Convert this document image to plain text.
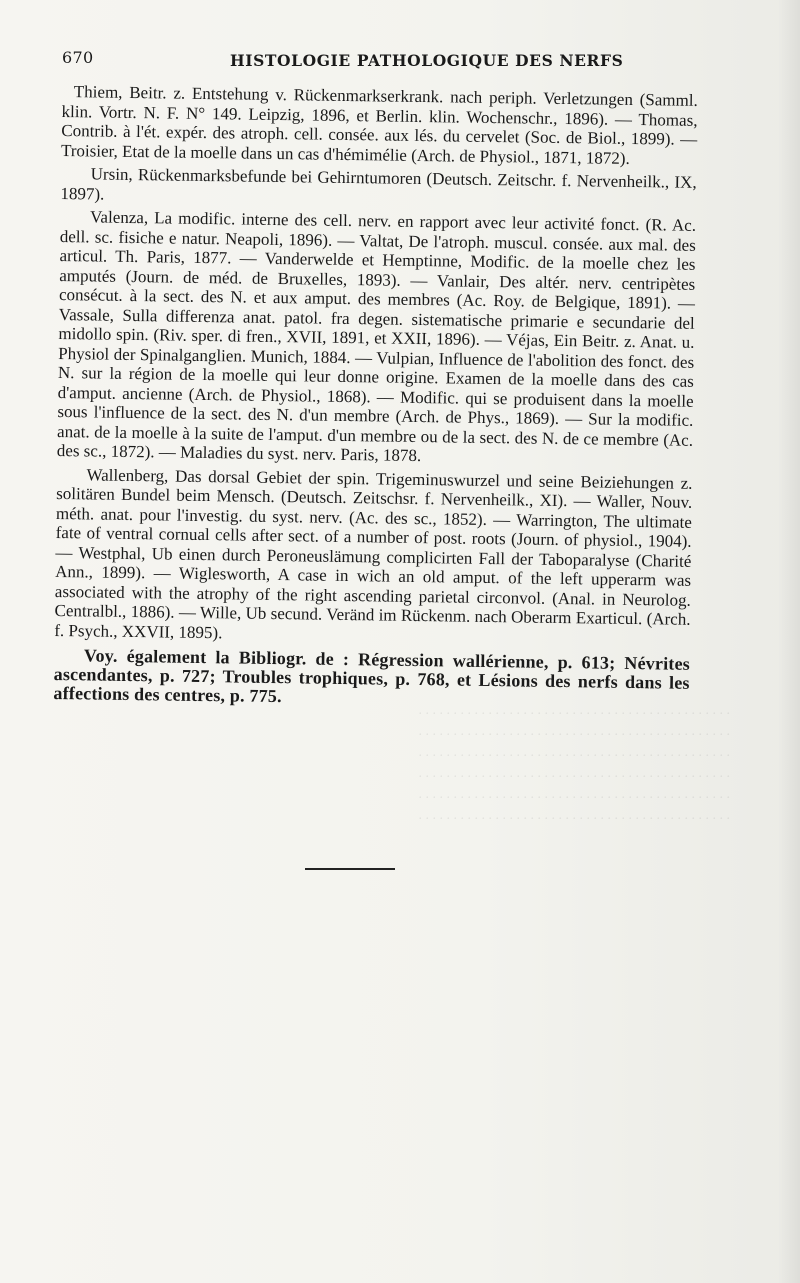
. . . . . . . . . . . . . . . . . . . . . . . . . . . . . . . . . . . . . . . . . . . . .
. . . . . . . . . . . . . . . . . . . . . . . . . . . . . . . . . . . . . . . . . . . . .
. . . . . . . . . . . . . . . . . . . . . . . . . . . . . . . . . . . . . . . . . . . . .
. . . . . . . . . . . . . . . . . . . . . . . . . . . . . . . . . . . . . . . . . . . . .
. . . . . . . . . . . . . . . . . . . . . . . . . . . . . . . . . . . . . . . . . . . . .
. . . . . . . . . . . . . . . . . . . . . . . . . . . . . . . . . . . . . . . . . . . . .
670	HISTOLOGIE PATHOLOGIQUE DES NERFS

Thiem, Beitr. z. Entstehung v. Rückenmarkserkrank. nach periph. Verletzungen (Samml. klin. Vortr. N. F. N° 149. Leipzig, 1896, et Berlin. klin. Wochenschr., 1896). — Thomas, Contrib. à l'ét. expér. des atroph. cell. consée. aux lés. du cervelet (Soc. de Biol., 1899). — Troisier, Etat de la moelle dans un cas d'hémimélie (Arch. de Physiol., 1871, 1872).

Ursin, Rückenmarksbefunde bei Gehirntumoren (Deutsch. Zeitschr. f. Nervenheilk., IX, 1897).

Valenza, La modific. interne des cell. nerv. en rapport avec leur activité fonct. (R. Ac. dell. sc. fisiche e natur. Neapoli, 1896). — Valtat, De l'atroph. muscul. consée. aux mal. des articul. Th. Paris, 1877. — Vanderwelde et Hemptinne, Modific. de la moelle chez les amputés (Journ. de méd. de Bruxelles, 1893). — Vanlair, Des altér. nerv. centripètes consécut. à la sect. des N. et aux amput. des membres (Ac. Roy. de Belgique, 1891). — Vassale, Sulla differenza anat. patol. fra degen. sistematische primarie e secundarie del midollo spin. (Riv. sper. di fren., XVII, 1891, et XXII, 1896). — Véjas, Ein Beitr. z. Anat. u. Physiol der Spinalganglien. Munich, 1884. — Vulpian, Influence de l'abolition des fonct. des N. sur la région de la moelle qui leur donne origine. Examen de la moelle dans des cas d'amput. ancienne (Arch. de Physiol., 1868). — Modific. qui se produisent dans la moelle sous l'influence de la sect. des N. d'un membre (Arch. de Phys., 1869). — Sur la modific. anat. de la moelle à la suite de l'amput. d'un membre ou de la sect. des N. de ce membre (Ac. des sc., 1872). — Maladies du syst. nerv. Paris, 1878.

Wallenberg, Das dorsal Gebiet der spin. Trigeminuswurzel und seine Beiziehungen z. solitären Bundel beim Mensch. (Deutsch. Zeitschsr. f. Nervenheilk., XI). — Waller, Nouv. méth. anat. pour l'investig. du syst. nerv. (Ac. des sc., 1852). — Warrington, The ultimate fate of ventral cornual cells after sect. of a number of post. roots (Journ. of physiol., 1904). — Westphal, Ub einen durch Peroneuslämung complicirten Fall der Taboparalyse (Charité Ann., 1899). — Wiglesworth, A case in wich an old amput. of the left upperarm was associated with the atrophy of the right ascending parietal circonvol. (Anal. in Neurolog. Centralbl., 1886). — Wille, Ub secund. Veränd im Rückenm. nach Oberarm Exarticul. (Arch. f. Psych., XXVII, 1895).

Voy. également la Bibliogr. de : Régression wallérienne, p. 613; Névrites ascendantes, p. 727; Troubles trophiques, p. 768, et Lésions des nerfs dans les affections des centres, p. 775.
